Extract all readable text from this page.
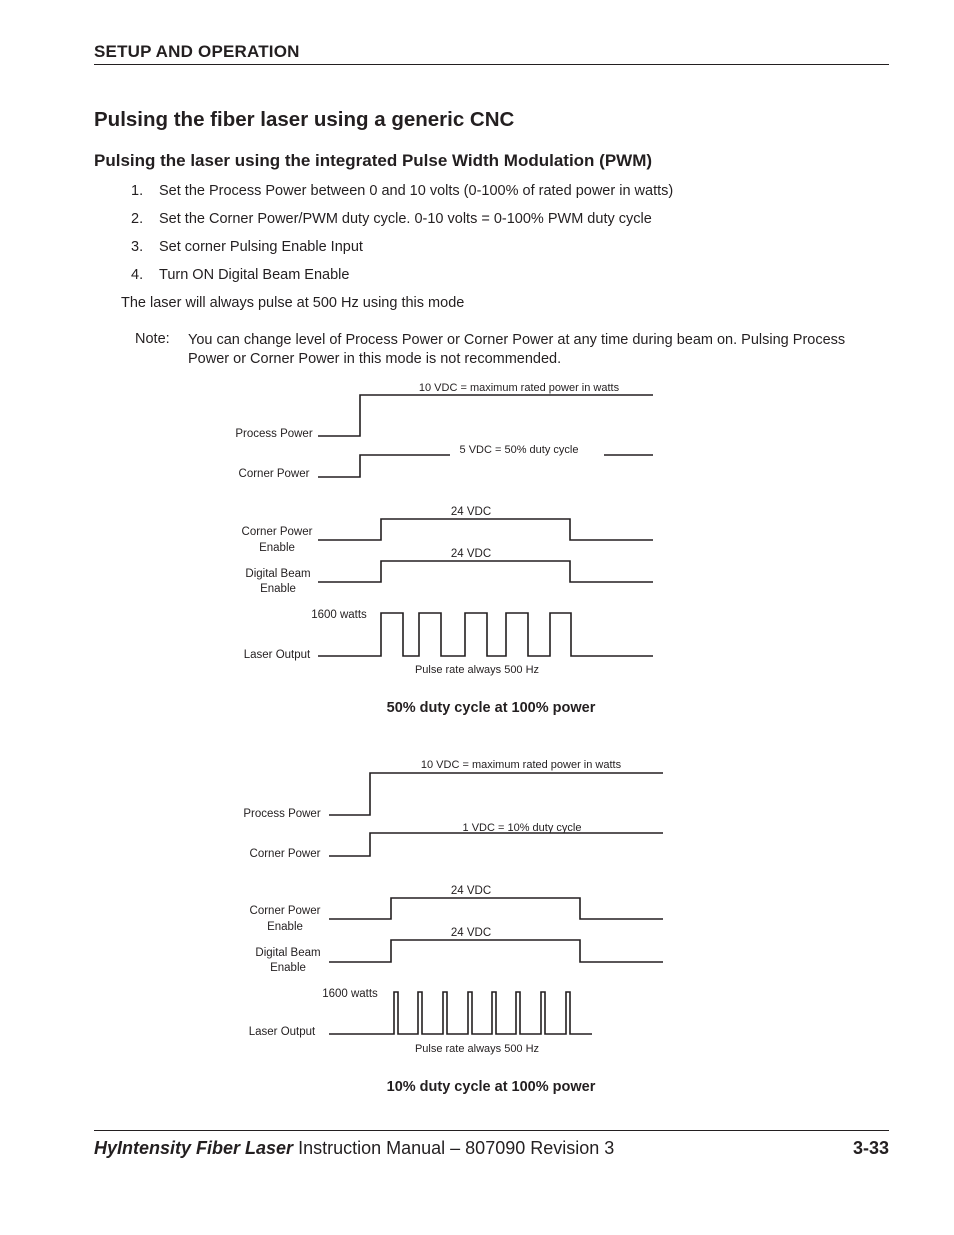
SETUP AND OPERATION
Pulsing the fiber laser using a generic CNC
Pulsing the laser using the integrated Pulse Width Modulation (PWM)
1. Set the Process Power between 0 and 10 volts (0-100% of rated power in watts)
2. Set the Corner Power/PWM duty cycle. 0-10 volts = 0-100% PWM duty cycle
3. Set corner Pulsing Enable Input
4. Turn ON Digital Beam Enable
The laser will always pulse at 500 Hz using this mode
Note: You can change level of Process Power or Corner Power at any time during beam on. Pulsing Process Power or Corner Power in this mode is not recommended.
Process Power
Corner Power
Corner Power
Enable
Digital Beam
Enable
Laser Output
10 VDC = maximum rated power in watts
5 VDC = 50% duty cycle
24 VDC
24 VDC
1600 watts
Pulse rate always 500 Hz
50% duty cycle at 100% power
Process Power
Corner Power
Corner Power
Enable
Digital Beam
Enable
Laser Output
10 VDC = maximum rated power in watts
1 VDC = 10% duty cycle
24 VDC
24 VDC
1600 watts
Pulse rate always 500 Hz
10% duty cycle at 100% power
HyIntensity Fiber Laser Instruction Manual – 807090 Revision 3	3-33
